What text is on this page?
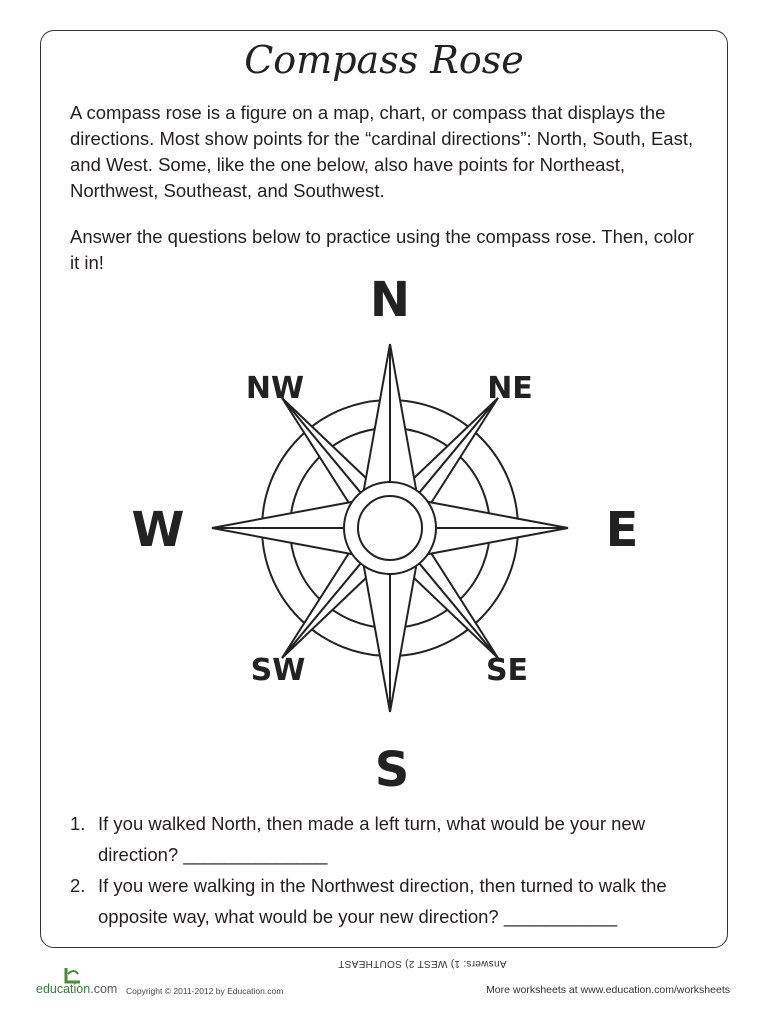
Compass Rose
A compass rose is a figure on a map, chart, or compass that displays the directions. Most show points for the “cardinal directions”: North, South, East, and West. Some, like the one below, also have points for Northeast, Northwest, Southeast, and Southwest.
Answer the questions below to practice using the compass rose. Then, color it in!
N
S
W	E
NW	NE
SW	SE
1. If you walked North, then made a left turn, what would be your new direction? ______________
2. If you were walking in the Northwest direction, then turned to walk the opposite way, what would be your new direction? ___________
Answers: 1) WEST 2) SOUTHEAST
education.com Copyright © 2011-2012 by Education.com	More worksheets at www.education.com/worksheets
